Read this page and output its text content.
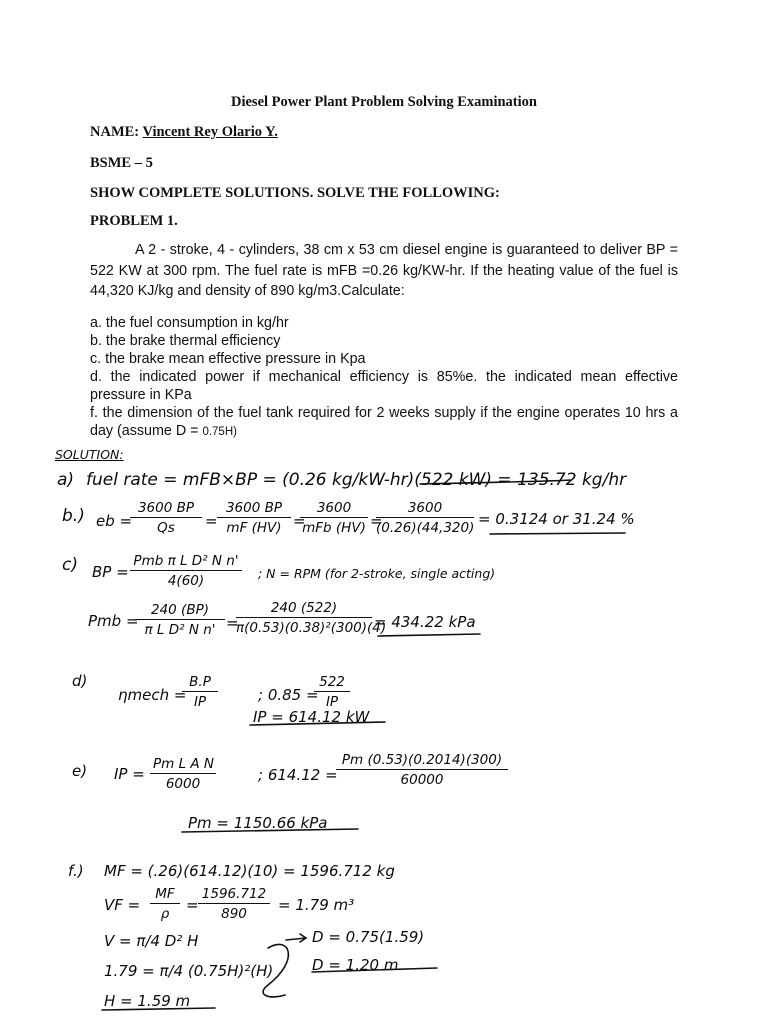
Diesel Power Plant Problem Solving Examination
NAME: Vincent Rey Olario Y.
BSME – 5
SHOW COMPLETE SOLUTIONS. SOLVE THE FOLLOWING:
PROBLEM 1.
A 2 - stroke, 4 - cylinders, 38 cm x 53 cm diesel engine is guaranteed to deliver BP = 522 KW at 300 rpm. The fuel rate is mFB =0.26 kg/KW-hr. If the heating value of the fuel is 44,320 KJ/kg and density of 890 kg/m3.Calculate:
a. the fuel consumption in kg/hr
b. the brake thermal efficiency
c. the brake mean effective pressure in Kpa
d. the indicated power if mechanical efficiency is 85%e. the indicated mean effective pressure in KPa
f. the dimension of the fuel tank required for 2 weeks supply if the engine operates 10 hrs a day (assume D = 0.75H)
SOLUTION:
a) fuel rate = mFB×BP = (0.26 kg/kW-hr)(522 kW) = 135.72 kg/hr
b.) eb =
$\frac{3600 BP}{Qs} = \frac{3600 BP}{mF (HV)}$ =
3600
mFb (HV) =
$\frac{3600}{(0.26)(44,320)} = 0.3124$ or 31.24 %
c) BP =
Pmb π L D² N n'
4(60)	; N = RPM (for 2-stroke, single acting)
Pmb =
$\frac{240 (BP)}{\text{π L D² N n'}}$ =
$\frac{240 (522)}{\text{π(0.53)(0.38)²(300)(4)}} = 434.22$ kPa
d)
ηmech =
$\frac{B.P}{IP}$	; 0.85 =
$\frac{522}{IP}$
IP = 614.12 kW
e) IP = $\frac{\text{Pm L A N}}{6000}$	; 614.12 =
$\frac{Pm (0.53)(0.2014)(300)}{60000}$
Pm = 1150.66 kPa
f.) MF = (.26)(614.12)(10) = 1596.712 kg
VF = $\frac{MF}{\rho} = \frac{1596.712}{890} = 1.79$ m³
V = π/4 D² H
1.79 = π/4 (0.75H)²(H)
H = 1.59 m
D = 0.75(1.59)
D = 1.20 m
